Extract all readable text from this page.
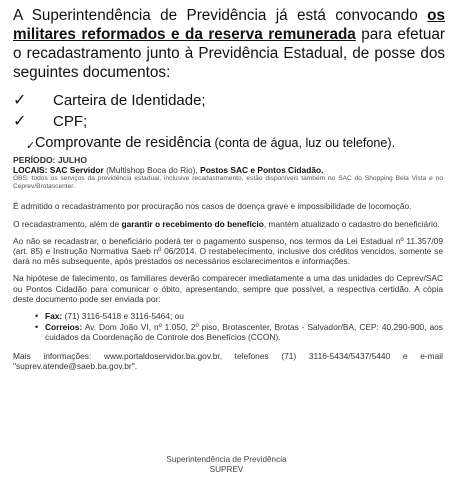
A Superintendência de Previdência já está convocando os militares reformados e da reserva remunerada para efetuar o recadastramento junto à Previdência Estadual, de posse dos seguintes documentos:
✓ Carteira de Identidade;
✓ CPF;
✓ Comprovante de residência (conta de água, luz ou telefone).

PERÍODO: JULHO

LOCAIS: SAC Servidor (Multishop Boca do Rio), Postos SAC e Pontos Cidadão.

OBS: todos os serviços da previdência estadual, inclusive recadastramento, estão disponíveis também no SAC do Shopping Bela Vista e no Ceprev/Brotascenter.

É admitido o recadastramento por procuração nos casos de doença grave e impossibilidade de locomoção.

O recadastramento, além de garantir o recebimento do benefício, mantém atualizado o cadastro do beneficiário.

Ao não se recadastrar, o beneficiário poderá ter o pagamento suspenso, nos termos da Lei Estadual nº 11.357/09 (art. 85) e Instrução Normativa Saeb nº 06/2014. O restabelecimento, inclusive dos créditos vencidos, somente se dará no mês subsequente, após prestados os necessários esclarecimentos e informações.

Na hipótese de falecimento, os familiares deverão comparecer imediatamente a uma das unidades do Ceprev/SAC ou Pontos Cidadão para comunicar o óbito, apresentando, sempre que possível, a respectiva certidão. A cópia deste documento pode ser enviada por:

• Fax: (71) 3116-5418 e 3116-5464; ou
• Correios: Av. Dom João VI, nº 1.050, 2º piso, Brotascenter, Brotas - Salvador/BA, CEP: 40.290-900, aos cuidados da Coordenação de Controle dos Benefícios (CCON).

Mais informações: www.portaldoservidor.ba.gov.br, telefones (71) 3116-5434/5437/5440 e e-mail "suprev.atende@saeb.ba.gov.br".

Superintendência de Previdência
SUPREV
